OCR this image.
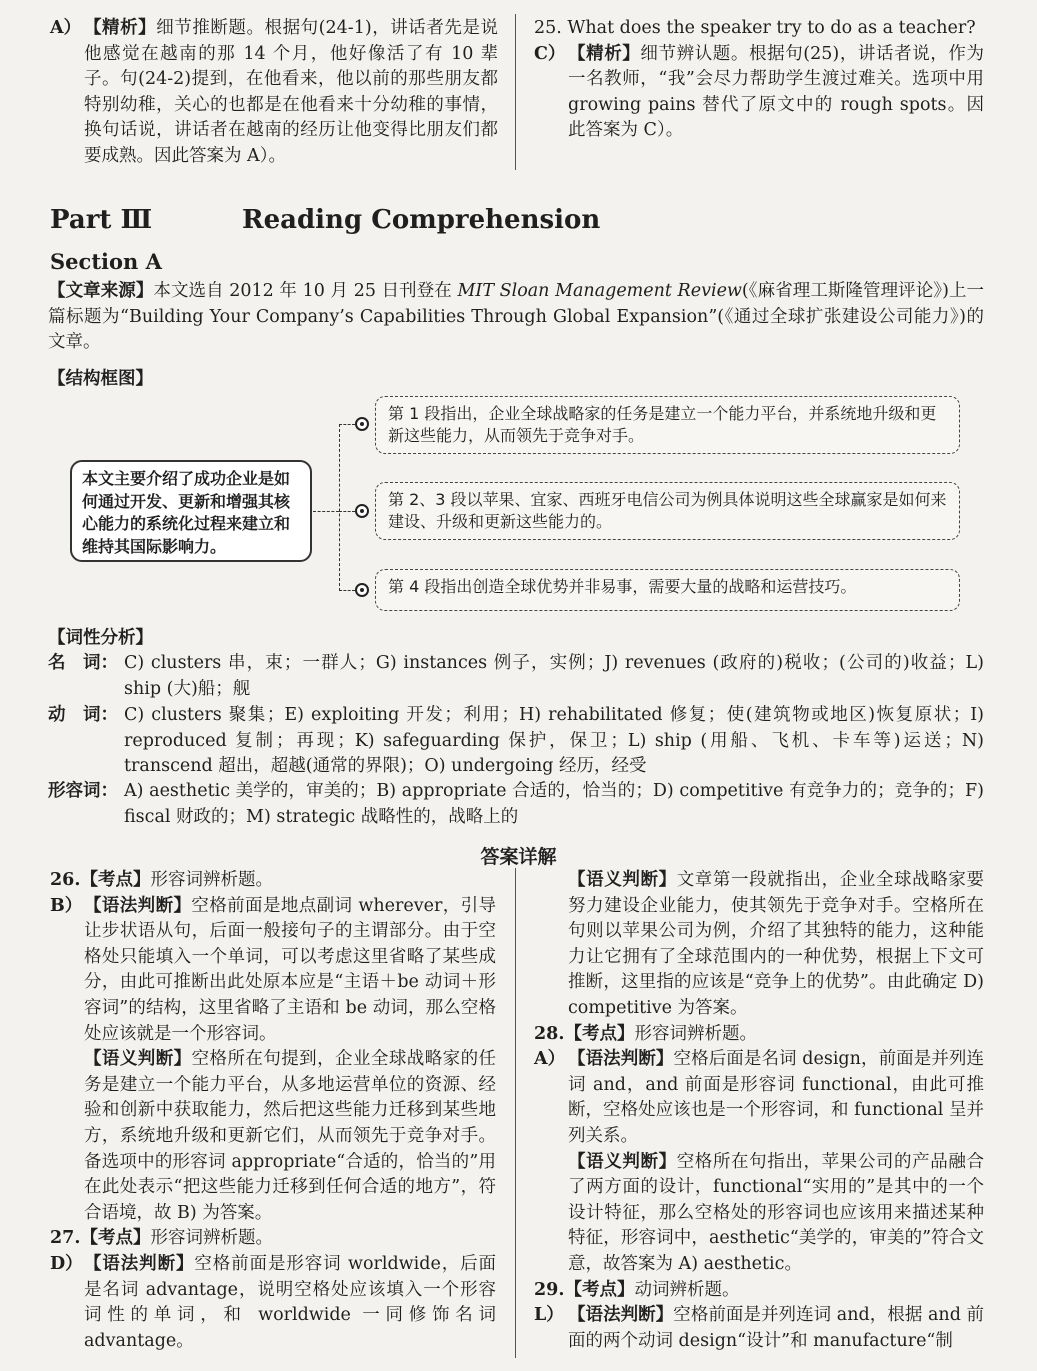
A） 【精析】细节推断题。根据句(24-1)，讲话者先是说他感觉在越南的那 14 个月，他好像活了有 10 辈子。句(24-2)提到，在他看来，他以前的那些朋友都特别幼稚，关心的也都是在他看来十分幼稚的事情，换句话说，讲话者在越南的经历让他变得比朋友们都要成熟。因此答案为 A）。

25. What does the speaker try to do as a teacher?

C） 【精析】细节辨认题。根据句(25)，讲话者说，作为一名教师，“我”会尽力帮助学生渡过难关。选项中用 growing pains 替代了原文中的 rough spots。因此答案为 C）。

Part Ⅲ	Reading Comprehension
Section A
【文章来源】本文选自 2012 年 10 月 25 日刊登在 MIT Sloan Management Review(《麻省理工斯隆管理评论》)上一篇标题为“Building Your Company’s Capabilities Through Global Expansion”(《通过全球扩张建设公司能力》)的文章。
【结构框图】
本文主要介绍了成功企业是如何通过开发、更新和增强其核心能力的系统化过程来建立和维持其国际影响力。
第 1 段指出，企业全球战略家的任务是建立一个能力平台，并系统地升级和更新这些能力，从而领先于竞争对手。
第 2、3 段以苹果、宜家、西班牙电信公司为例具体说明这些全球赢家是如何来建设、升级和更新这些能力的。
第 4 段指出创造全球优势并非易事，需要大量的战略和运营技巧。
【词性分析】
名　词： C) clusters 串，束；一群人；G) instances 例子，实例；J) revenues (政府的)税收；(公司的)收益；L) ship (大)船；舰
动　词： C) clusters 聚集；E) exploiting 开发；利用；H) rehabilitated 修复；使(建筑物或地区)恢复原状；I) reproduced 复制；再现；K) safeguarding 保护，保卫；L) ship (用船、飞机、卡车等)运送；N) transcend 超出，超越(通常的界限)；O) undergoing 经历，经受
形容词： A) aesthetic 美学的，审美的；B) appropriate 合适的，恰当的；D) competitive 有竞争力的；竞争的；F) fiscal 财政的；M) strategic 战略性的，战略上的
答案详解

26.【考点】形容词辨析题。

B） 【语法判断】空格前面是地点副词 wherever，引导让步状语从句，后面一般接句子的主谓部分。由于空格处只能填入一个单词，可以考虑这里省略了某些成分，由此可推断出此处原本应是“主语＋be 动词＋形容词”的结构，这里省略了主语和 be 动词，那么空格处应该就是一个形容词。

【语义判断】空格所在句提到，企业全球战略家的任务是建立一个能力平台，从多地运营单位的资源、经验和创新中获取能力，然后把这些能力迁移到某些地方，系统地升级和更新它们，从而领先于竞争对手。备选项中的形容词 appropriate“合适的，恰当的”用在此处表示“把这些能力迁移到任何合适的地方”，符合语境，故 B) 为答案。

27.【考点】形容词辨析题。

D） 【语法判断】空格前面是形容词 worldwide，后面是名词 advantage，说明空格处应该填入一个形容词性的单词，和 worldwide 一同修饰名词 advantage。

【语义判断】文章第一段就指出，企业全球战略家要努力建设企业能力，使其领先于竞争对手。空格所在句则以苹果公司为例，介绍了其独特的能力，这种能力让它拥有了全球范围内的一种优势，根据上下文可推断，这里指的应该是“竞争上的优势”。由此确定 D) competitive 为答案。

28.【考点】形容词辨析题。

A） 【语法判断】空格后面是名词 design，前面是并列连词 and，and 前面是形容词 functional，由此可推断，空格处应该也是一个形容词，和 functional 呈并列关系。

【语义判断】空格所在句指出，苹果公司的产品融合了两方面的设计，functional“实用的”是其中的一个设计特征，那么空格处的形容词也应该用来描述某种特征，形容词中，aesthetic“美学的，审美的”符合文意，故答案为 A) aesthetic。

29.【考点】动词辨析题。

L） 【语法判断】空格前面是并列连词 and，根据 and 前面的两个动词 design“设计”和 manufacture“制
